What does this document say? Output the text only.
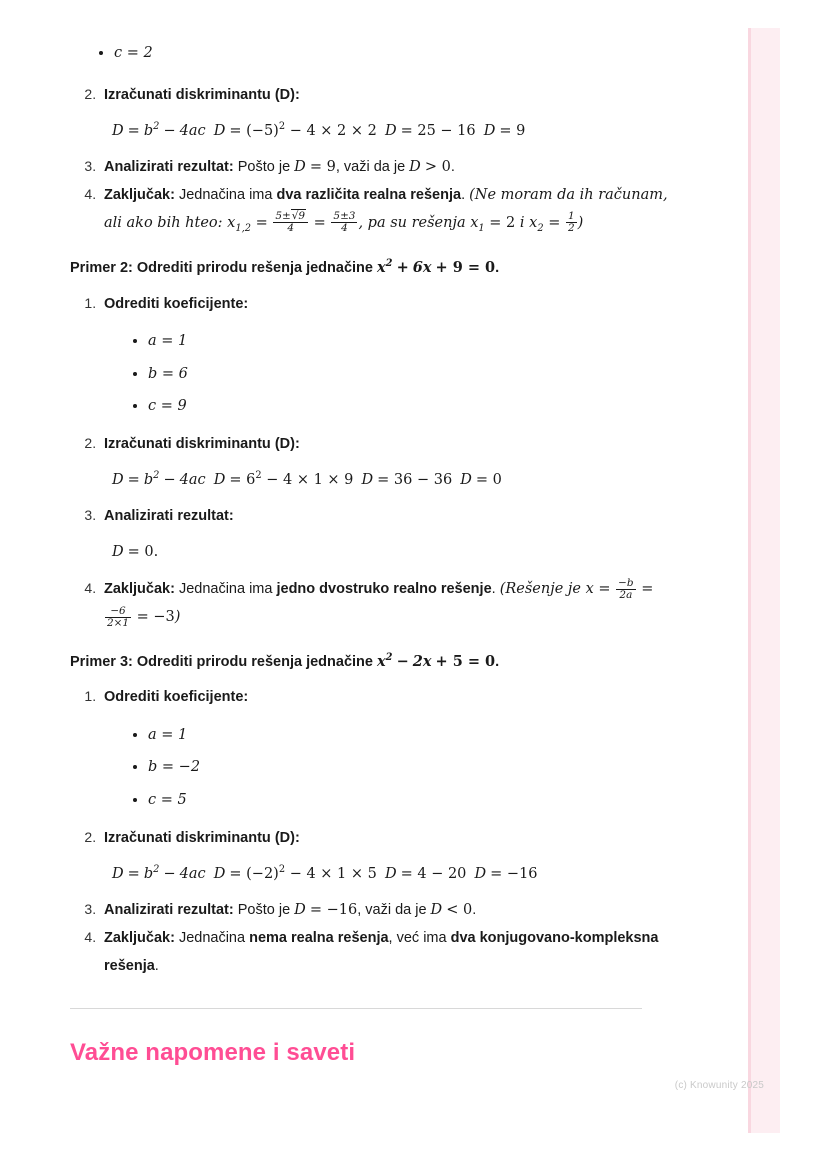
• c = 2
2. Izračunati diskriminantu (D):
$D = b^2 - 4ac$ $D = (-5)^2 - 4 \times 2 \times 2$ D = 25 − 16 D = 9
3. Analizirati rezultat: Pošto je D = 9, važi da je D > 0.
4. Zaključak: Jednačina ima dva različita realna rešenja. (Ne moram da ih računam, ali ako bih hteo: $x_{1,2} = \frac{5\pm√9}{4} = \frac{5\pm 3}{4}$ , pa su rešenja $x_1 = 2$ i $x_2 = \frac{1}{2}$ )
Primer 2: Odrediti prirodu rešenja jednačine $x^2 + 6x + 9 = 0$.
1. Odrediti koeficijente:
• a = 1
• b = 6
• c = 9
2. Izračunati diskriminantu (D):
$D = b^2 - 4ac$ $D = 6^2 - 4 \times 1 \times 9$ D = 36 − 36 D = 0
3. Analizirati rezultat:
D = 0.
4. Zaključak: Jednačina ima jedno dvostruko realno rešenje. (Rešenje je $x = \frac{-b}{2a}$ =
$\frac{-6}{2\times 1} = -3$)
Primer 3: Odrediti prirodu rešenja jednačine $x^2 - 2x + 5 = 0$.
1. Odrediti koeficijente:
• a = 1
• b = −2
• c = 5
2. Izračunati diskriminantu (D):
$D = b^2 - 4ac$ $D = (-2)^2 - 4 \times 1 \times 5$ D = 4 − 20 D = −16
3. Analizirati rezultat: Pošto je D = −16, važi da je D < 0.
4. Zaključak: Jednačina nema realna rešenja, već ima dva konjugovano-kompleksna rešenja.
Važne napomene i saveti
(c) Knowunity 2025
